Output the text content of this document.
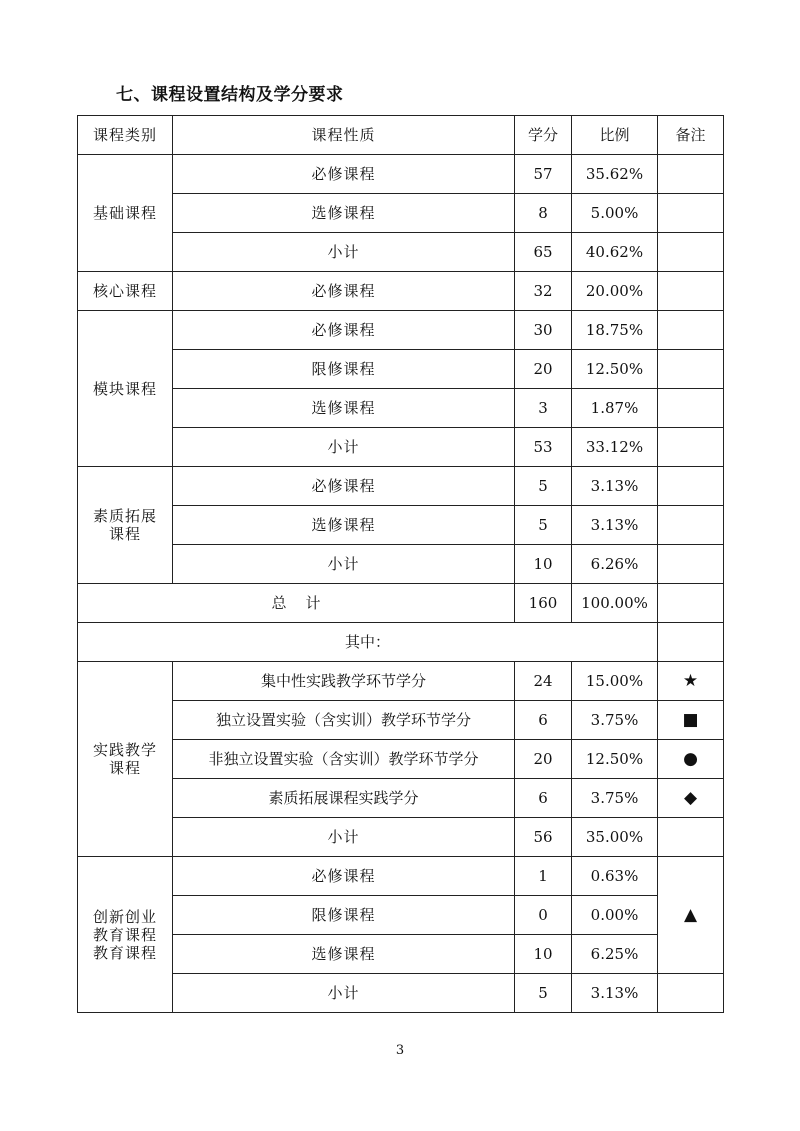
七、课程设置结构及学分要求
课程类别	课程性质	学分	比例	备注
基础课程	必修课程	57	35.62%	
	选修课程	8	5.00%	
	小计	65	40.62%	
核心课程	必修课程	32	20.00%	
模块课程	必修课程	30	18.75%	
	限修课程	20	12.50%	
	选修课程	3	1.87%	
	小计	53	33.12%	
素质拓展
课程	必修课程	5	3.13%	
	选修课程	5	3.13%	
	小计	10	6.26%	
总    计		160	100.00%	
其中：				
实践教学
课程	集中性实践教学环节学分	24	15.00%	★
	独立设置实验（含实训）教学环节学分	6	3.75%	■
	非独立设置实验（含实训）教学环节学分	20	12.50%	●
	素质拓展课程实践学分	6	3.75%	◆
	小计	56	35.00%	
创新创业
教育课程
教育课程	必修课程	1	0.63%	▲
	限修课程	0	0.00%	
	选修课程	10	6.25%	
	小计	5	3.13%	
3
